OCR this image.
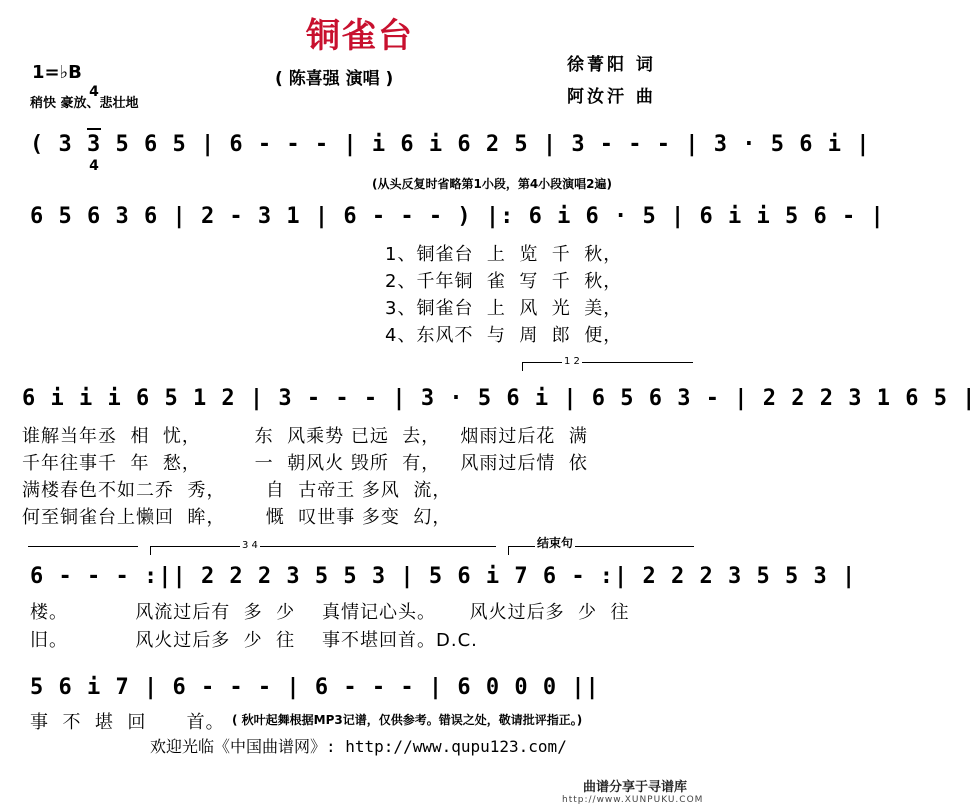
铜雀台
( 陈喜强 演唱 )
徐菁阳 词
阿汝汗 曲
1=♭B

4

4

稍快 豪放、悲壮地
( 3 3 5 6 5 | 6 - - - | i 6 i 6 2 5 | 3 - - - | 3 · 5 6 i |
(从头反复时省略第1小段，第4小段演唱2遍)
6 5 6 3 6 | 2 - 3 1 | 6 - - - ) |: 6 i 6 · 5 | 6 i i 5 6 - |
1、铜雀台  上  览  千  秋，
2、千年铜  雀  写  千  秋，
3、铜雀台  上  风  光  美，
4、东风不  与  周  郎  便，
1 2
6 i i i 6 5 1 2 | 3 - - - | 3 · 5 6 i | 6 5 6 3 - | 2 2 2 3 1 6 5 |
谁解当年丞  相  忧，        东  风乘势 已远  去，   烟雨过后花  满
千年往事千  年  愁，        一  朝风火 毁所  有，   风雨过后情  依
满楼春色不如二乔  秀，      自  古帝王 多风  流，
何至铜雀台上懒回  眸，      慨  叹世事 多变  幻，
3 4	结束句
6 - - - :|| 2 2 2 3 5 5 3 | 5 6 i 7 6 - :| 2 2 2 3 5 5 3 |
楼。          风流过后有  多  少    真情记心头。     风火过后多  少  往
旧。          风火过后多  少  往    事不堪回首。D.C.
5 6 i 7 | 6 - - - | 6 - - - | 6 0 0 0 ||
事  不  堪  回      首。 ( 秋叶起舞根据MP3记谱，仅供参考。错误之处，敬请批评指正。)
欢迎光临《中国曲谱网》: http://www.qupu123.com/
曲谱分享于寻谱库
http://www.XUNPUKU.COM
